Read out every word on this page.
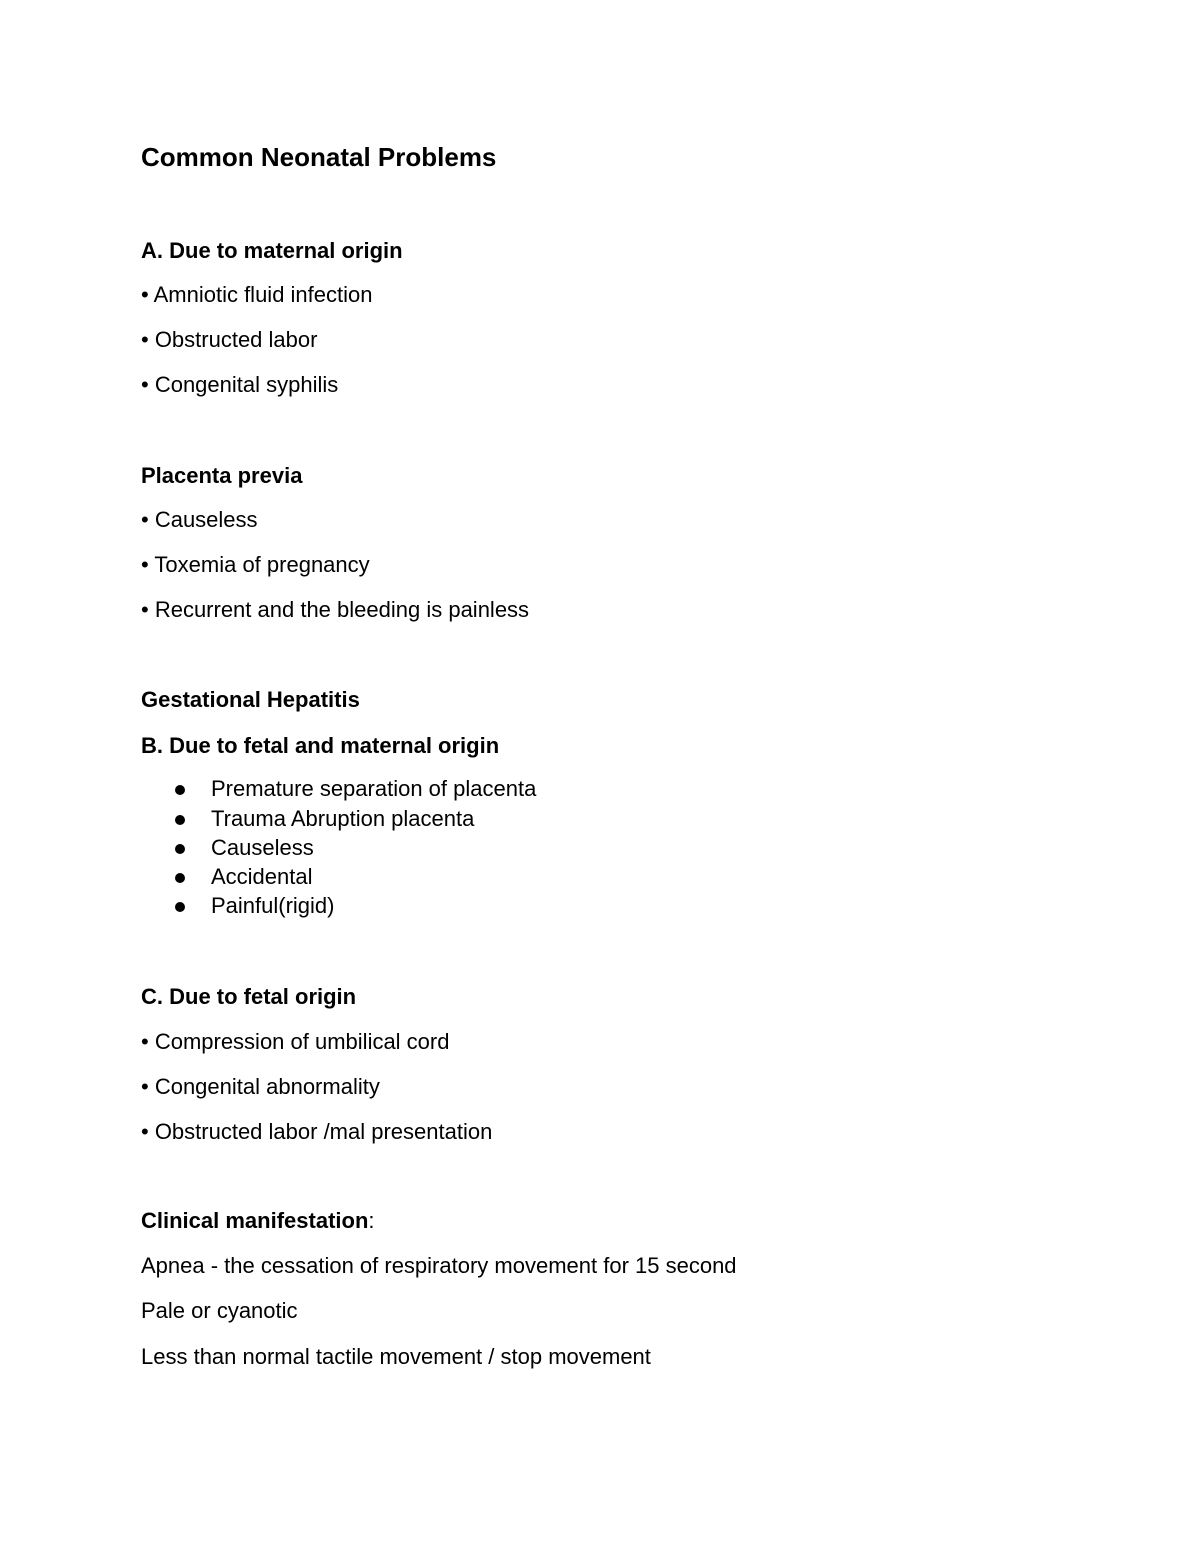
Common Neonatal Problems
A. Due to maternal origin
• Amniotic fluid infection
• Obstructed labor
• Congenital syphilis
Placenta previa
• Causeless
• Toxemia of pregnancy
• Recurrent and the bleeding is painless
Gestational Hepatitis
B. Due to fetal and maternal origin
Premature separation of placenta
Trauma Abruption placenta
Causeless
Accidental
Painful(rigid)
C. Due to fetal origin
• Compression of umbilical cord
• Congenital abnormality
• Obstructed labor /mal presentation
Clinical manifestation:
Apnea - the cessation of respiratory movement for 15 second
Pale or cyanotic
Less than normal tactile movement / stop movement
